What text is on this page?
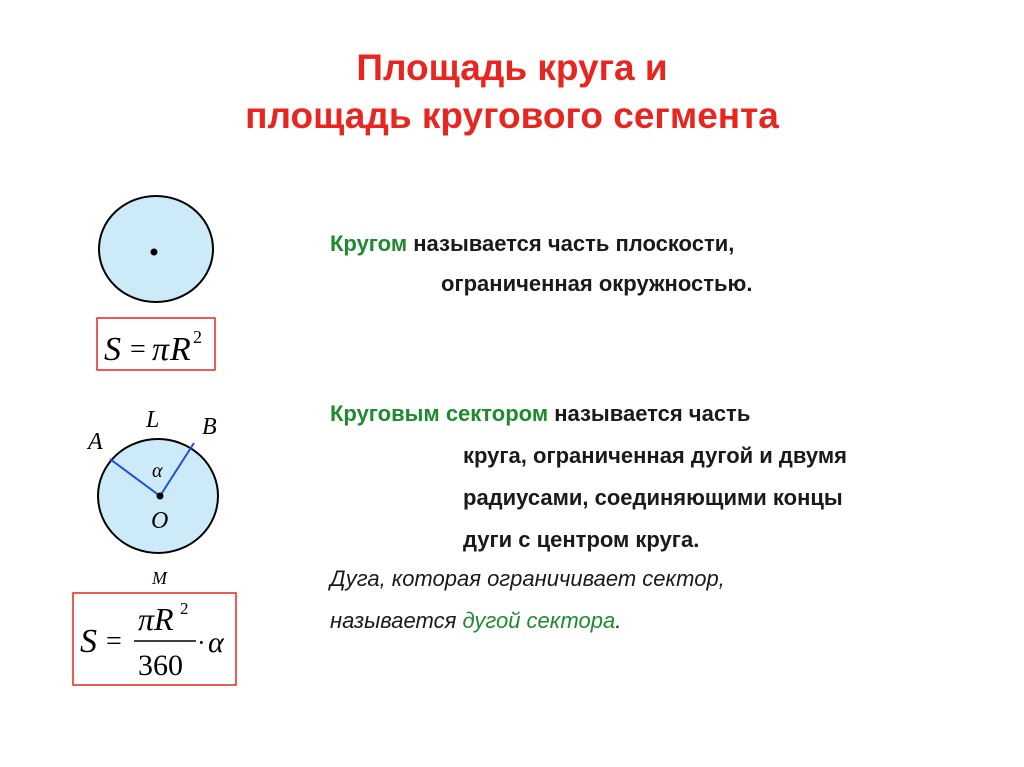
Площадь круга и
площадь кругового сегмента
S = π R 2
A
L B
α
O
M
S =
πR 2
360
· α
Кругом называется часть плоскости,
ограниченная окружностью.
Круговым сектором называется часть
круга, ограниченная дугой и двумя
радиусами, соединяющими концы
дуги с центром круга.
Дуга, которая ограничивает сектор,
называется дугой сектора.
